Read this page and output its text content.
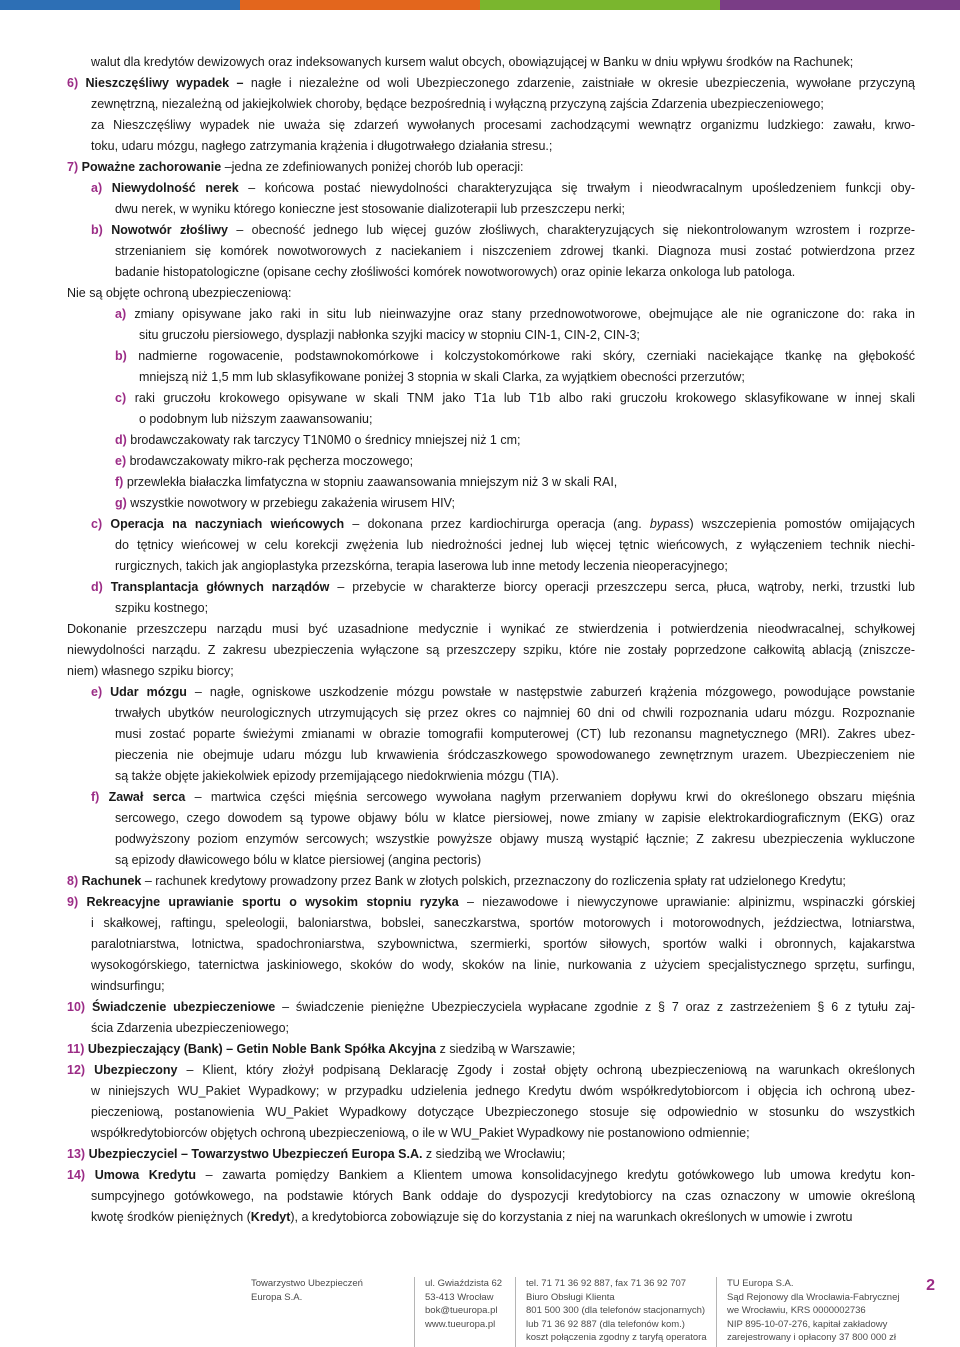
walut dla kredytów dewizowych oraz indeksowanych kursem walut obcych, obowiązującej w Banku w dniu wpływu środków na Rachunek;
6) Nieszczęśliwy wypadek – nagłe i niezależne od woli Ubezpieczonego zdarzenie, zaistniałe w okresie ubezpieczenia, wywołane przyczyną
zewnętrzną, niezależną od jakiejkolwiek choroby, będące bezpośrednią i wyłączną przyczyną zajścia Zdarzenia ubezpieczeniowego;
za Nieszczęśliwy wypadek nie uważa się zdarzeń wywołanych procesami zachodzącymi wewnątrz organizmu ludzkiego: zawału, krwo-
toku, udaru mózgu, nagłego zatrzymania krążenia i długotrwałego działania stresu.;
7) Poważne zachorowanie –jedna ze zdefiniowanych poniżej chorób lub operacji:
a) Niewydolność nerek – końcowa postać niewydolności charakteryzująca się trwałym i nieodwracalnym upośledzeniem funkcji oby-
dwu nerek, w wyniku którego konieczne jest stosowanie dializoterapii lub przeszczepu nerki;
b) Nowotwór złośliwy – obecność jednego lub więcej guzów złośliwych, charakteryzujących się niekontrolowanym wzrostem i rozprze-
strzenianiem się komórek nowotworowych z naciekaniem i niszczeniem zdrowej tkanki. Diagnoza musi zostać potwierdzona przez
badanie histopatologiczne (opisane cechy złośliwości komórek nowotworowych) oraz opinie lekarza onkologa lub patologa.
Nie są objęte ochroną ubezpieczeniową:
a) zmiany opisywane jako raki in situ lub nieinwazyjne oraz stany przednowotworowe, obejmujące ale nie ograniczone do: raka in
situ gruczołu piersiowego, dysplazji nabłonka szyjki macicy w stopniu CIN-1, CIN-2, CIN-3;
b) nadmierne rogowacenie, podstawnokomórkowe i kolczystokomórkowe raki skóry, czerniaki naciekające tkankę na głębokość
mniejszą niż 1,5 mm lub sklasyfikowane poniżej 3 stopnia w skali Clarka, za wyjątkiem obecności przerzutów;
c) raki gruczołu krokowego opisywane w skali TNM jako T1a lub T1b albo raki gruczołu krokowego sklasyfikowane w innej skali
o podobnym lub niższym zaawansowaniu;
d) brodawczakowaty rak tarczycy T1N0M0 o średnicy mniejszej niż 1 cm;
e) brodawczakowaty mikro-rak pęcherza moczowego;
f) przewlekła białaczka limfatyczna w stopniu zaawansowania mniejszym niż 3 w skali RAI,
g) wszystkie nowotwory w przebiegu zakażenia wirusem HIV;
c) Operacja na naczyniach wieńcowych – dokonana przez kardiochirurga operacja (ang. bypass) wszczepienia pomostów omijających
do tętnicy wieńcowej w celu korekcji zwężenia lub niedrożności jednej lub więcej tętnic wieńcowych, z wyłączeniem technik niechi-
rurgicznych, takich jak angioplastyka przezskórna, terapia laserowa lub inne metody leczenia nieoperacyjnego;
d) Transplantacja głównych narządów – przebycie w charakterze biorcy operacji przeszczepu serca, płuca, wątroby, nerki, trzustki lub
szpiku kostnego;
Dokonanie przeszczepu narządu musi być uzasadnione medycznie i wynikać ze stwierdzenia i potwierdzenia nieodwracalnej, schyłkowej
niewydolności narządu. Z zakresu ubezpieczenia wyłączone są przeszczepy szpiku, które nie zostały poprzedzone całkowitą ablacją (zniszcze-
niem) własnego szpiku biorcy;
e) Udar mózgu – nagłe, ogniskowe uszkodzenie mózgu powstałe w następstwie zaburzeń krążenia mózgowego, powodujące powstanie
trwałych ubytków neurologicznych utrzymujących się przez okres co najmniej 60 dni od chwili rozpoznania udaru mózgu. Rozpoznanie
musi zostać poparte świeżymi zmianami w obrazie tomografii komputerowej (CT) lub rezonansu magnetycznego (MRI). Zakres ubez-
pieczenia nie obejmuje udaru mózgu lub krwawienia śródczaszkowego spowodowanego zewnętrznym urazem. Ubezpieczeniem nie
są także objęte jakiekolwiek epizody przemijającego niedokrwienia mózgu (TIA).
f) Zawał serca – martwica części mięśnia sercowego wywołana nagłym przerwaniem dopływu krwi do określonego obszaru mięśnia
sercowego, czego dowodem są typowe objawy bólu w klatce piersiowej, nowe zmiany w zapisie elektrokardiograficznym (EKG) oraz
podwyższony poziom enzymów sercowych; wszystkie powyższe objawy muszą wystąpić łącznie; Z zakresu ubezpieczenia wykluczone
są epizody dławicowego bólu w klatce piersiowej (angina pectoris)
8) Rachunek – rachunek kredytowy prowadzony przez Bank w złotych polskich, przeznaczony do rozliczenia spłaty rat udzielonego Kredytu;
9) Rekreacyjne uprawianie sportu o wysokim stopniu ryzyka – niezawodowe i niewyczynowe uprawianie: alpinizmu, wspinaczki górskiej
i skałkowej, raftingu, speleologii, baloniarstwa, bobslei, saneczkarstwa, sportów motorowych i motorowodnych, jeździectwa, lotniarstwa,
paralotniarstwa, lotnictwa, spadochroniarstwa, szybownictwa, szermierki, sportów siłowych, sportów walki i obronnych, kajakarstwa
wysokogórskiego, taternictwa jaskiniowego, skoków do wody, skoków na linie, nurkowania z użyciem specjalistycznego sprzętu, surfingu,
windsurfingu;
10) Świadczenie ubezpieczeniowe – świadczenie pieniężne Ubezpieczyciela wypłacane zgodnie z § 7 oraz z zastrzeżeniem § 6 z tytułu zaj-
ścia Zdarzenia ubezpieczeniowego;
11) Ubezpieczający (Bank) – Getin Noble Bank Spółka Akcyjna z siedzibą w Warszawie;
12) Ubezpieczony – Klient, który złożył podpisaną Deklarację Zgody i został objęty ochroną ubezpieczeniową na warunkach określonych
w niniejszych WU_Pakiet Wypadkowy; w przypadku udzielenia jednego Kredytu dwóm współkredytobiorcom i objęcia ich ochroną ubez-
pieczeniową, postanowienia WU_Pakiet Wypadkowy dotyczące Ubezpieczonego stosuje się odpowiednio w stosunku do wszystkich
współkredytobiorców objętych ochroną ubezpieczeniową, o ile w WU_Pakiet Wypadkowy nie postanowiono odmiennie;
13) Ubezpieczyciel – Towarzystwo Ubezpieczeń Europa S.A. z siedzibą we Wrocławiu;
14) Umowa Kredytu – zawarta pomiędzy Bankiem a Klientem umowa konsolidacyjnego kredytu gotówkowego lub umowa kredytu kon-
sumpcyjnego gotówkowego, na podstawie których Bank oddaje do dyspozycji kredytobiorcy na czas oznaczony w umowie określoną
kwotę środków pieniężnych (Kredyt), a kredytobiorca zobowiązuje się do korzystania z niej na warunkach określonych w umowie i zwrotu
Towarzystwo Ubezpieczeń
Europa S.A.
ul. Gwiaździsta 62
53-413 Wrocław
bok@tueuropa.pl
www.tueuropa.pl
tel. 71 71 36 92 887, fax 71 36 92 707
Biuro Obsługi Klienta
801 500 300 (dla telefonów stacjonarnych)
lub 71 36 92 887 (dla telefonów kom.)
koszt połączenia zgodny z taryfą operatora
TU Europa S.A.
Sąd Rejonowy dla Wrocławia-Fabrycznej
we Wrocławiu, KRS 0000002736
NIP 895-10-07-276, kapitał zakładowy
zarejestrowany i opłacony 37 800 000 zł
2
